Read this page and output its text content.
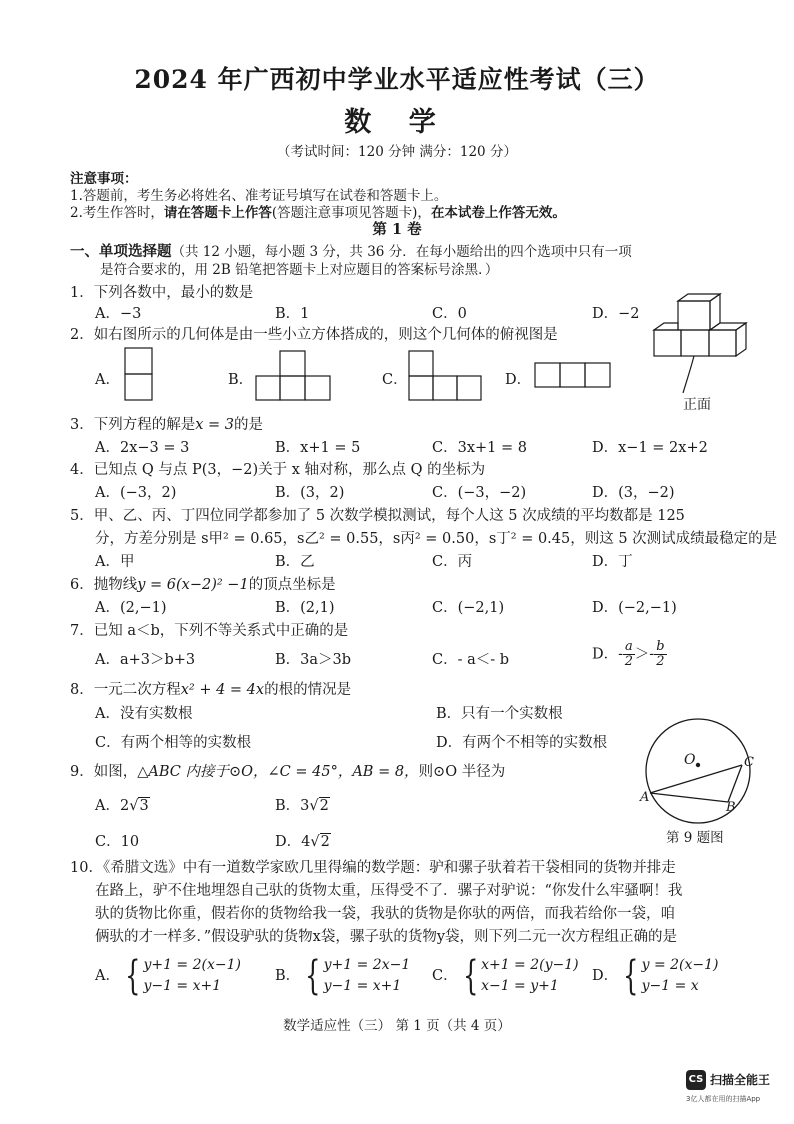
2024 年广西初中学业水平适应性考试（三）
数 学
（考试时间：120 分钟 满分：120 分）
注意事项：
1.答题前，考生务必将姓名、准考证号填写在试卷和答题卡上。
2.考生作答时，请在答题卡上作答(答题注意事项见答题卡)，在本试卷上作答无效。
第 1 卷
一、单项选择题（共 12 小题，每小题 3 分，共 36 分．在每小题给出的四个选项中只有一项
是符合要求的，用 2B 铅笔把答题卡上对应题目的答案标号涂黑．）
1．下列各数中，最小的数是
A．−3	B．1	C．0	D．−2
2．如右图所示的几何体是由一些小立方体搭成的，则这个几何体的俯视图是
A．	B．	C．	D．
正面
3．下列方程的解是x = 3的是
A．2x−3 = 3	B．x+1 = 5	C．3x+1 = 8	D．x−1 = 2x+2
4．已知点 Q 与点 P(3，−2)关于 x 轴对称，那么点 Q 的坐标为
A．(−3，2)	B．(3，2)	C．(−3，−2)	D．(3，−2)
5．甲、乙、丙、丁四位同学都参加了 5 次数学模拟测试，每个人这 5 次成绩的平均数都是 125
分，方差分别是 s甲² = 0.65，s乙² = 0.55，s丙² = 0.50，s丁² = 0.45，则这 5 次测试成绩最稳定的是
A．甲	B．乙	C．丙	D．丁
6．抛物线y = 6(x−2)² −1的顶点坐标是
A．(2,−1)	B．(2,1)	C．(−2,1)	D．(−2,−1)
7．已知 a＜b，下列不等关系式中正确的是
A．a+3＞b+3	B．3a＞3b	C．- a＜- b	D．- $\frac{a}{2} >- \frac{b}{2}$
8．一元二次方程x² + 4 = 4x的根的情况是
A．没有实数根	B．只有一个实数根
C．有两个相等的实数根	D．有两个不相等的实数根
9．如图，△ABC 内接于⊙O，∠C = 45°，AB = 8，则⊙O 半径为
A．2√3	B．3√2
C．10	D．4√2
O
A
B
C
第 9 题图
10．《希腊文选》中有一道数学家欧几里得编的数学题：驴和骡子驮着若干袋相同的货物并排走
在路上，驴不住地埋怨自己驮的货物太重，压得受不了．骡子对驴说：“你发什么牢骚啊！我
驮的货物比你重，假若你的货物给我一袋，我驮的货物是你驮的两倍，而我若给你一袋，咱
俩驮的才一样多．”假设驴驮的货物x袋，骡子驮的货物y袋，则下列二元一次方程组正确的是
A． { y+1 = 2(x−1)
y−1 = x+1
B． { y+1 = 2x−1
y−1 = x+1
C． { x+1 = 2(y−1)
x−1 = y+1
D． { y = 2(x−1)
y−1 = x
数学适应性（三） 第 1 页（共 4 页）
CS 扫描全能王
3亿人都在用的扫描App
